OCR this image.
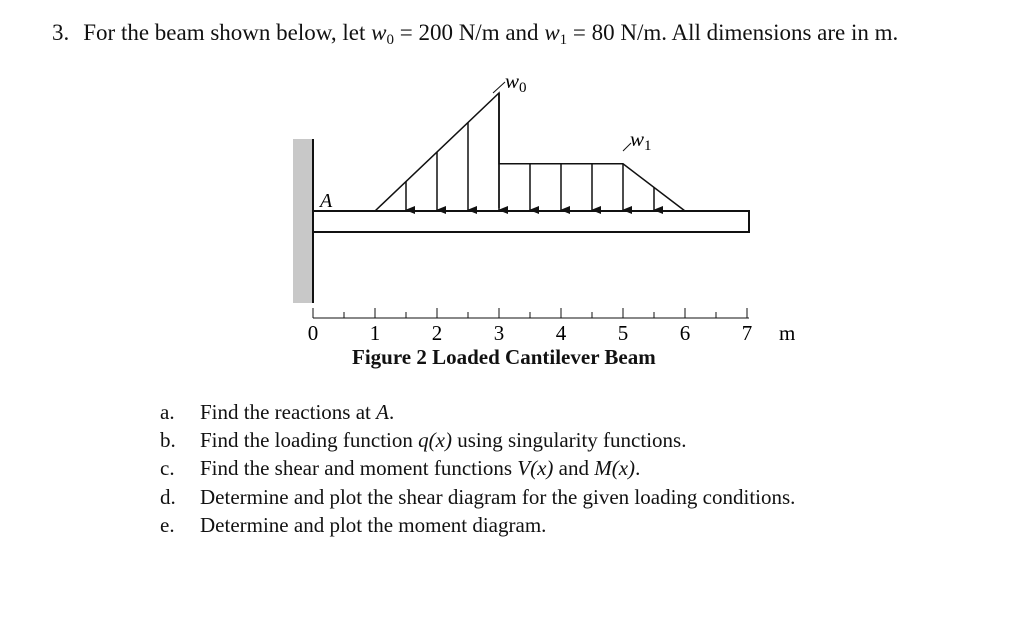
3. For the beam shown below, let $w_0 = 200$ N/m and $w_1 = 80$ N/m. All dimensions are in m.

A
w0
w1
0 1 2 3 4 5 6 7 m

Figure 2 Loaded Cantilever Beam

a. Find the reactions at A.
b. Find the loading function q(x) using singularity functions.
c. Find the shear and moment functions V(x) and M(x).
d. Determine and plot the shear diagram for the given loading conditions.
e. Determine and plot the moment diagram.
